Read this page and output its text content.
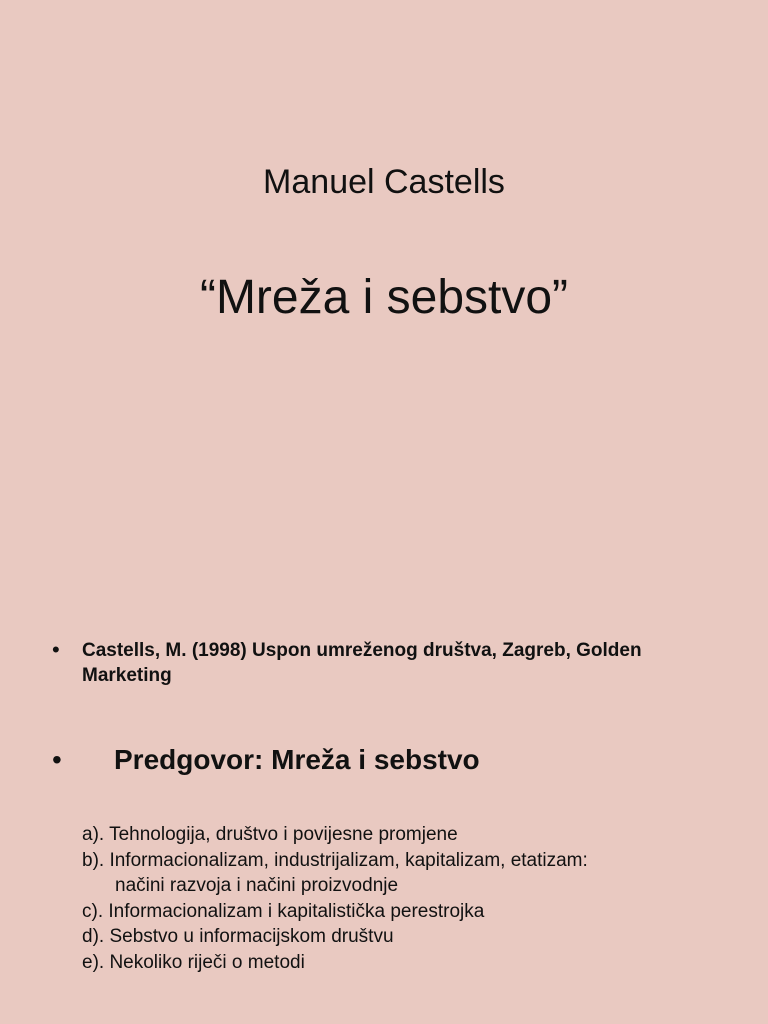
Manuel Castells
“Mreža i sebstvo”
•	Castells, M. (1998) Uspon umreženog društva, Zagreb, Golden
Marketing
•	Predgovor: Mreža i sebstvo
a). Tehnologija, društvo i povijesne promjene
b). Informacionalizam, industrijalizam, kapitalizam, etatizam:
načini razvoja i načini proizvodnje
c). Informacionalizam i kapitalistička perestrojka
d). Sebstvo u informacijskom društvu
e). Nekoliko riječi o metodi
